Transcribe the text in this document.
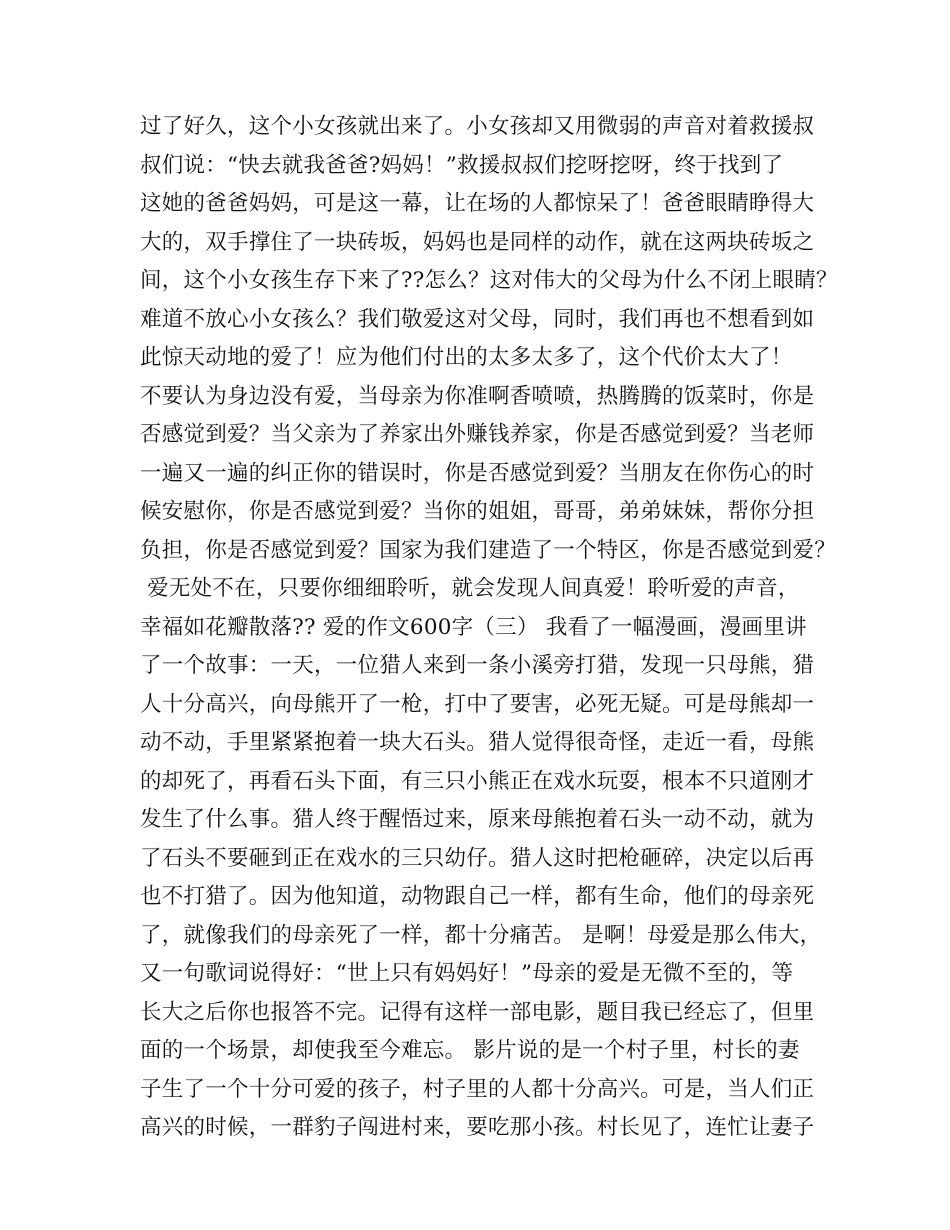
过了好久，这个小女孩就出来了。小女孩却又用微弱的声音对着救援叔
叔们说：“快去就我爸爸?妈妈！”救援叔叔们挖呀挖呀，终于找到了
这她的爸爸妈妈，可是这一幕，让在场的人都惊呆了！爸爸眼睛睁得大
大的，双手撑住了一块砖坂，妈妈也是同样的动作，就在这两块砖坂之
间，这个小女孩生存下来了??怎么？这对伟大的父母为什么不闭上眼睛？
难道不放心小女孩么？我们敬爱这对父母，同时，我们再也不想看到如
此惊天动地的爱了！应为他们付出的太多太多了，这个代价太大了！
不要认为身边没有爱，当母亲为你准啊香喷喷，热腾腾的饭菜时，你是
否感觉到爱？当父亲为了养家出外赚钱养家，你是否感觉到爱？当老师
一遍又一遍的纠正你的错误时，你是否感觉到爱？当朋友在你伤心的时
候安慰你，你是否感觉到爱？当你的姐姐，哥哥，弟弟妹妹，帮你分担
负担，你是否感觉到爱？国家为我们建造了一个特区，你是否感觉到爱？
爱无处不在，只要你细细聆听，就会发现人间真爱！聆听爱的声音，
幸福如花瓣散落?? 爱的作文600字（三） 我看了一幅漫画，漫画里讲
了一个故事：一天，一位猎人来到一条小溪旁打猎，发现一只母熊，猎
人十分高兴，向母熊开了一枪，打中了要害，必死无疑。可是母熊却一
动不动，手里紧紧抱着一块大石头。猎人觉得很奇怪，走近一看，母熊
的却死了，再看石头下面，有三只小熊正在戏水玩耍，根本不只道刚才
发生了什么事。猎人终于醒悟过来，原来母熊抱着石头一动不动，就为
了石头不要砸到正在戏水的三只幼仔。猎人这时把枪砸碎，决定以后再
也不打猎了。因为他知道，动物跟自己一样，都有生命，他们的母亲死
了，就像我们的母亲死了一样，都十分痛苦。 是啊！母爱是那么伟大，
又一句歌词说得好：“世上只有妈妈好！”母亲的爱是无微不至的，等
长大之后你也报答不完。记得有这样一部电影，题目我已经忘了，但里
面的一个场景，却使我至今难忘。 影片说的是一个村子里，村长的妻
子生了一个十分可爱的孩子，村子里的人都十分高兴。可是，当人们正
高兴的时候，一群豹子闯进村来，要吃那小孩。村长见了，连忙让妻子
